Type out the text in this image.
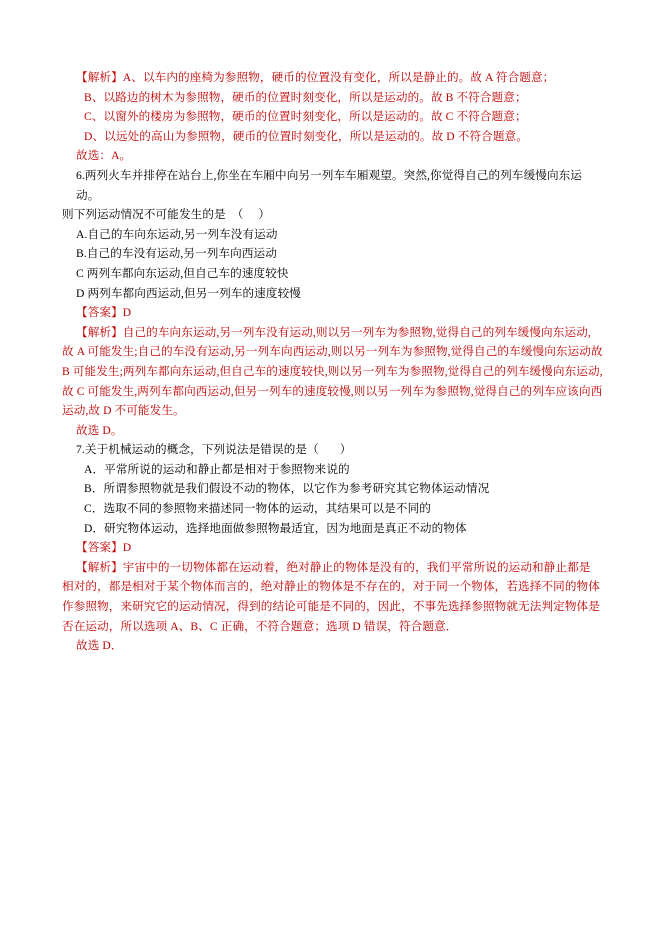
【解析】A、以车内的座椅为参照物，硬币的位置没有变化，所以是静止的。故 A 符合题意；

B、以路边的树木为参照物，硬币的位置时刻变化，所以是运动的。故 B 不符合题意；

C、以窗外的楼房为参照物，硬币的位置时刻变化，所以是运动的。故 C 不符合题意；

D、以远处的高山为参照物，硬币的位置时刻变化，所以是运动的。故 D 不符合题意。

故选：A。

6.两列火车并排停在站台上,你坐在车厢中向另一列车车厢观望。突然,你觉得自己的列车缓慢向东运动。

则下列运动情况不可能发生的是  （     ）

A.自己的车向东运动,另一列车没有运动

B.自己的车没有运动,另一列车向西运动

C 两列车都向东运动,但自己车的速度较快

D 两列车都向西运动,但另一列车的速度较慢

【答案】D

【解析】自己的车向东运动,另一列车没有运动,则以另一列车为参照物,觉得自己的列车缓慢向东运动,

故 A 可能发生;自己的车没有运动,另一列车向西运动,则以另一列车为参照物,觉得自己的车缓慢向东运动故

B 可能发生;两列车都向东运动,但自己车的速度较快,则以另一列车为参照物,觉得自己的列车缓慢向东运动,

故 C 可能发生,两列车都向西运动,但另一列车的速度较慢,则以另一列车为参照物,觉得自己的列车应该向西

运动,故 D 不可能发生。

故选 D。

7.关于机械运动的概念，下列说法是错误的是（       ）

A．平常所说的运动和静止都是相对于参照物来说的

B．所谓参照物就是我们假设不动的物体，以它作为参考研究其它物体运动情况

C．选取不同的参照物来描述同一物体的运动，其结果可以是不同的

D．研究物体运动，选择地面做参照物最适宜，因为地面是真正不动的物体

【答案】D

【解析】宇宙中的一切物体都在运动着，绝对静止的物体是没有的，我们平常所说的运动和静止都是

相对的，都是相对于某个物体而言的，绝对静止的物体是不存在的，对于同一个物体，若选择不同的物体

作参照物，来研究它的运动情况，得到的结论可能是不同的，因此，不事先选择参照物就无法判定物体是

否在运动，所以选项 A、B、C 正确，不符合题意；选项 D 错误，符合题意．

故选 D．
